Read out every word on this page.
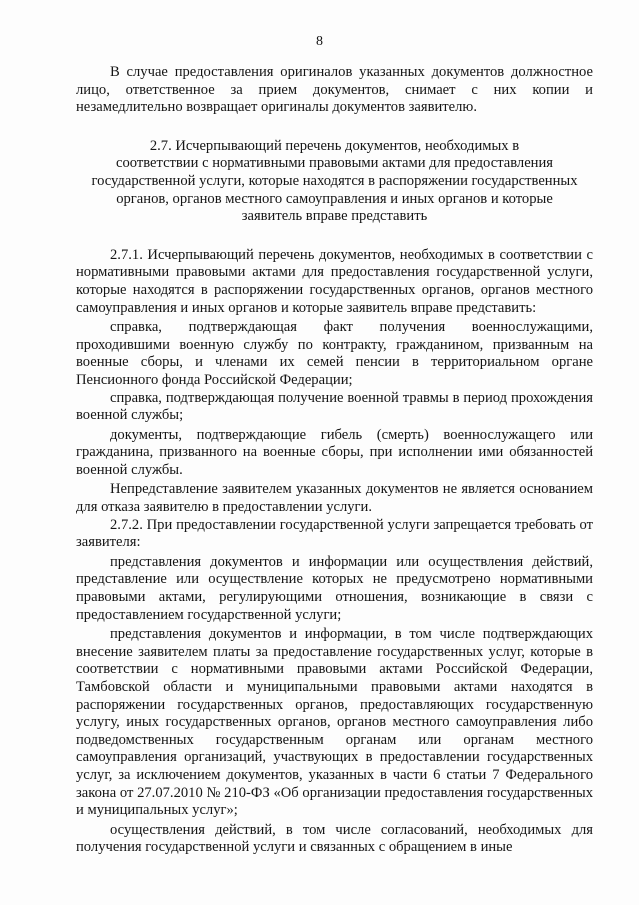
8

В случае предоставления оригиналов указанных документов должностное лицо, ответственное за прием документов, снимает с них копии и незамедлительно возвращает оригиналы документов заявителю.

2.7. Исчерпывающий перечень документов, необходимых в
соответствии с нормативными правовыми актами для предоставления
государственной услуги, которые находятся в распоряжении государственных
органов, органов местного самоуправления и иных органов и которые
заявитель вправе представить

2.7.1. Исчерпывающий перечень документов, необходимых в соответствии с нормативными правовыми актами для предоставления государственной услуги, которые находятся в распоряжении государственных органов, органов местного самоуправления и иных органов и которые заявитель вправе представить:

справка, подтверждающая факт получения военнослужащими, проходившими военную службу по контракту, гражданином, призванным на военные сборы, и членами их семей пенсии в территориальном органе Пенсионного фонда Российской Федерации;

справка, подтверждающая получение военной травмы в период прохождения военной службы;

документы, подтверждающие гибель (смерть) военнослужащего или гражданина, призванного на военные сборы, при исполнении ими обязанностей военной службы.

Непредставление заявителем указанных документов не является основанием для отказа заявителю в предоставлении услуги.

2.7.2. При предоставлении государственной услуги запрещается требовать от заявителя:

представления документов и информации или осуществления действий, представление или осуществление которых не предусмотрено нормативными правовыми актами, регулирующими отношения, возникающие в связи с предоставлением государственной услуги;

представления документов и информации, в том числе подтверждающих внесение заявителем платы за предоставление государственных услуг, которые в соответствии с нормативными правовыми актами Российской Федерации, Тамбовской области и муниципальными правовыми актами находятся в распоряжении государственных органов, предоставляющих государственную услугу, иных государственных органов, органов местного самоуправления либо подведомственных государственным органам или органам местного самоуправления организаций, участвующих в предоставлении государственных услуг, за исключением документов, указанных в части 6 статьи 7 Федерального закона от 27.07.2010 № 210-ФЗ «Об организации предоставления государственных и муниципальных услуг»;

осуществления действий, в том числе согласований, необходимых для получения государственной услуги и связанных с обращением в иные
